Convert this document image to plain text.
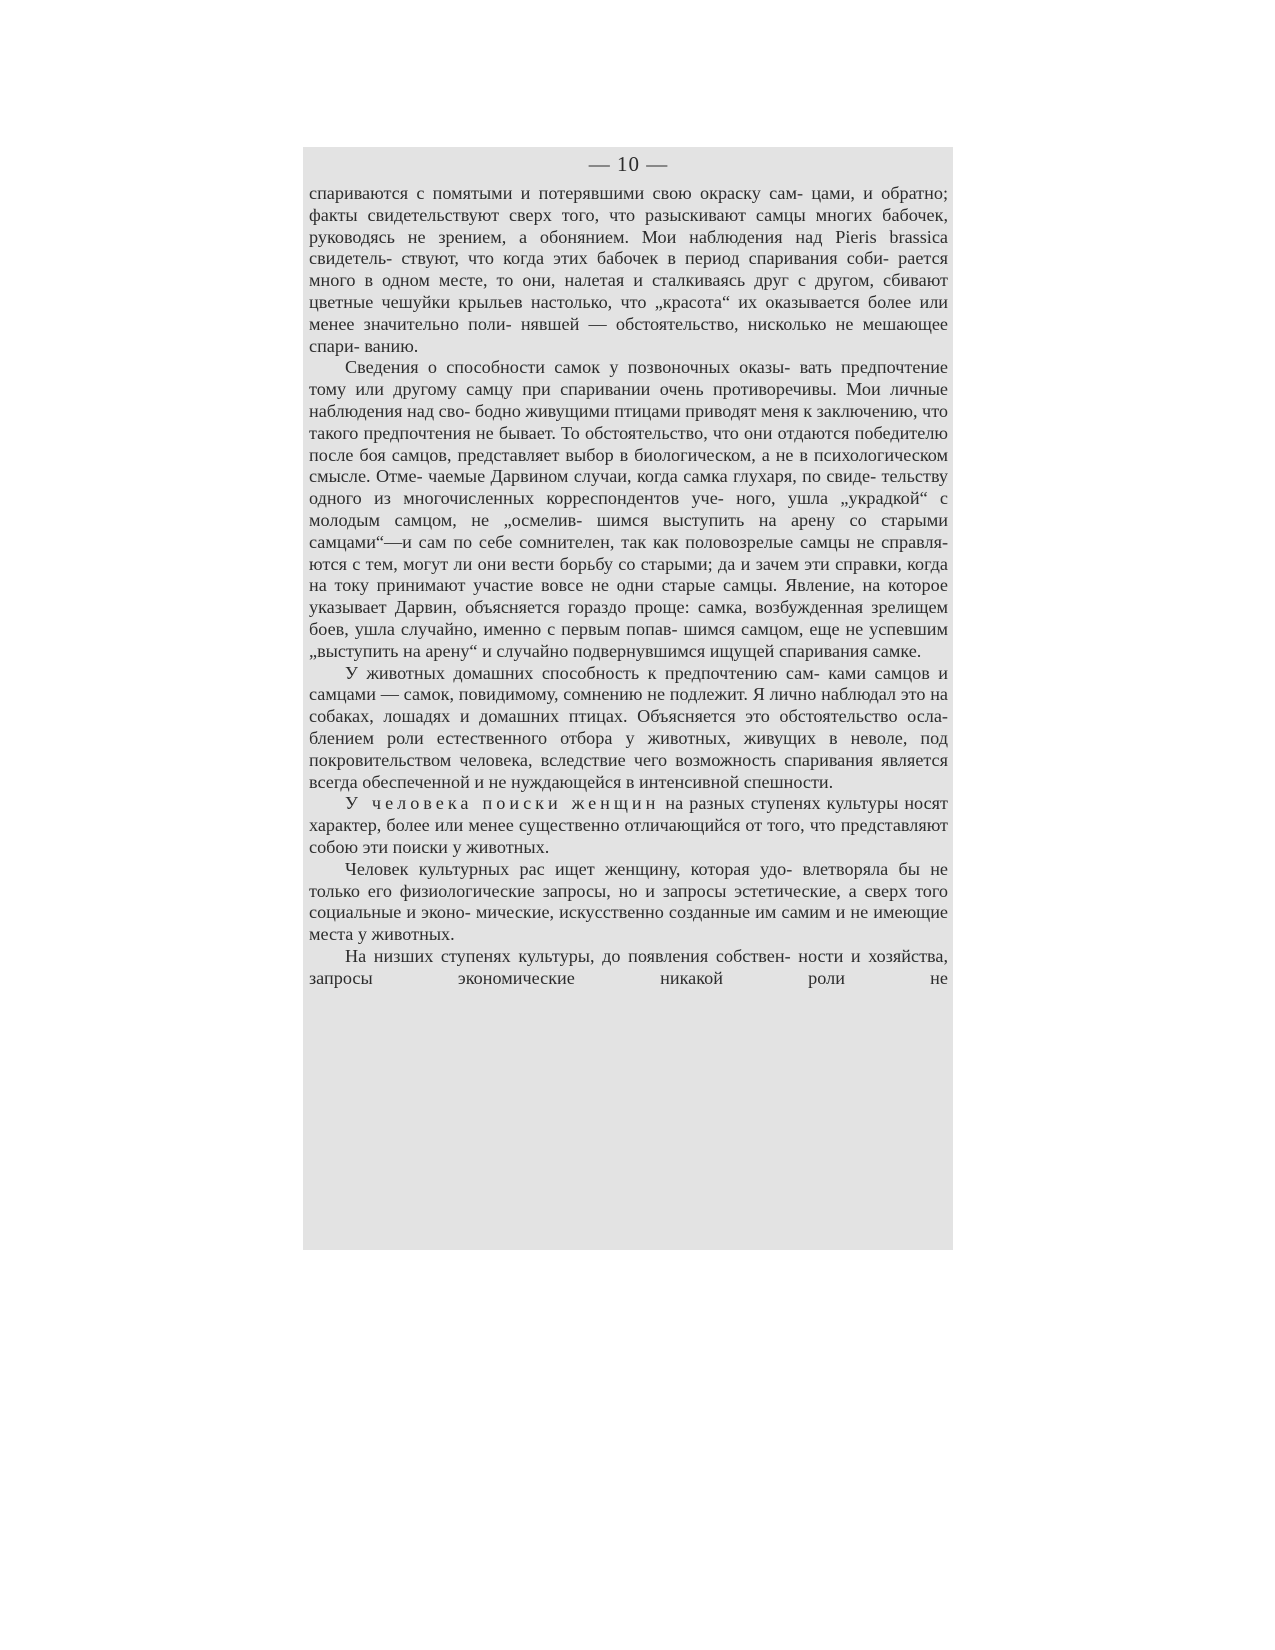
— 10 —

спариваются с помятыми и потерявшими свою окраску сам- цами, и обратно; факты свидетельствуют сверх того, что разыскивают самцы многих бабочек, руководясь не зрением, а обонянием. Мои наблюдения над Pieris brassica свидетель- ствуют, что когда этих бабочек в период спаривания соби- рается много в одном месте, то они, налетая и сталкиваясь друг с другом, сбивают цветные чешуйки крыльев настолько, что „красота“ их оказывается более или менее значительно поли- нявшей — обстоятельство, нисколько не мешающее спари- ванию.

Сведения о способности самок у позвоночных оказы- вать предпочтение тому или другому самцу при спаривании очень противоречивы. Мои личные наблюдения над сво- бодно живущими птицами приводят меня к заключению, что такого предпочтения не бывает. То обстоятельство, что они отдаются победителю после боя самцов, представляет выбор в биологическом, а не в психологическом смысле. Отме- чаемые Дарвином случаи, когда самка глухаря, по свиде- тельству одного из многочисленных корреспондентов уче- ного, ушла „украдкой“ с молодым самцом, не „осмелив- шимся выступить на арену со старыми самцами“—и сам по себе сомнителен, так как половозрелые самцы не справля- ются с тем, могут ли они вести борьбу со старыми; да и зачем эти справки, когда на току принимают участие вовсе не одни старые самцы. Явление, на которое указывает Дарвин, объясняется гораздо проще: самка, возбужденная зрелищем боев, ушла случайно, именно с первым попав- шимся самцом, еще не успевшим „выступить на арену“ и случайно подвернувшимся ищущей спаривания самке.

У животных домашних способность к предпочтению сам- ками самцов и самцами — самок, повидимому, сомнению не подлежит. Я лично наблюдал это на собаках, лошадях и домашних птицах. Объясняется это обстоятельство осла- блением роли естественного отбора у животных, живущих в неволе, под покровительством человека, вследствие чего возможность спаривания является всегда обеспеченной и не нуждающейся в интенсивной спешности.

У человека поиски женщин на разных ступенях культуры носят характер, более или менее существенно отличающийся от того, что представляют собою эти поиски у животных.

Человек культурных рас ищет женщину, которая удо- влетворяла бы не только его физиологические запросы, но и запросы эстетические, а сверх того социальные и эконо- мические, искусственно созданные им самим и не имеющие места у животных.

На низших ступенях культуры, до появления собствен- ности и хозяйства, запросы экономические никакой роли не
